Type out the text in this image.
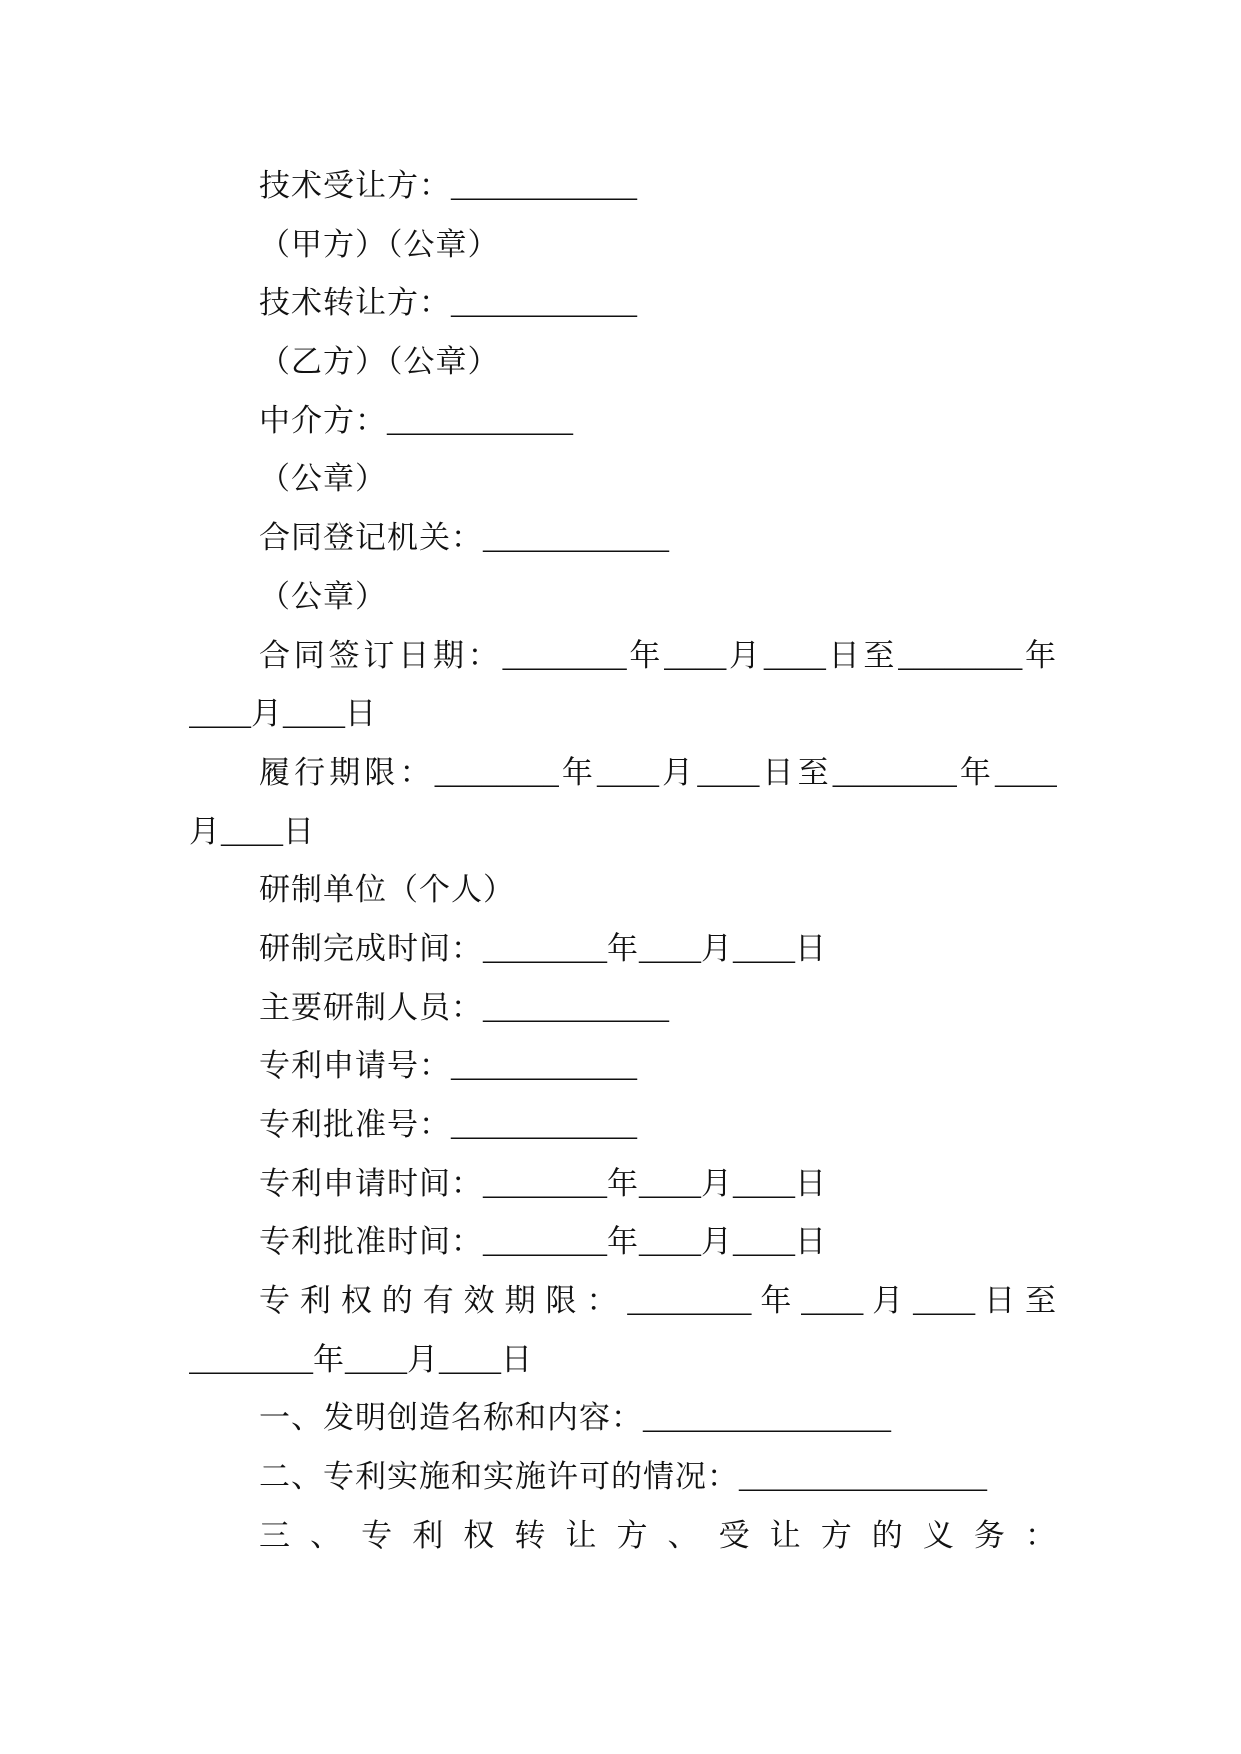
技术受让方：____________
（甲方）（公章）
技术转让方：____________
（乙方）（公章）
中介方：____________
（公章）
合同登记机关：____________
（公章）
合同签订日期：________年____月____日至________年
____月____日
履行期限：________年____月____日至________年____
月____日
研制单位（个人）
研制完成时间：________年____月____日
主要研制人员：____________
专利申请号：____________
专利批准号：____________
专利申请时间：________年____月____日
专利批准时间：________年____月____日
专利权的有效期限：________年____月____日至
________年____月____日
一、发明创造名称和内容：________________
二、专利实施和实施许可的情况：________________
三、专利权转让方、受让方的义务：
